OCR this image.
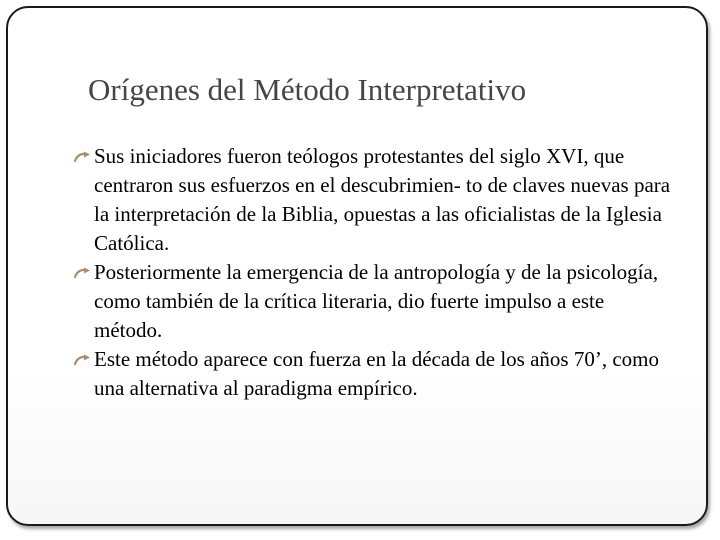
Orígenes del Método Interpretativo
Sus iniciadores fueron teólogos protestantes del siglo XVI, que centraron sus esfuerzos en el descubrimien- to de claves nuevas para la interpretación de la Biblia, opuestas a las oficialistas de la Iglesia Católica.
Posteriormente la emergencia de la antropología y de la psicología, como también de la crítica literaria, dio fuerte impulso a este método.
Este método aparece con fuerza en la década de los años 70’, como una alternativa al paradigma empírico.
